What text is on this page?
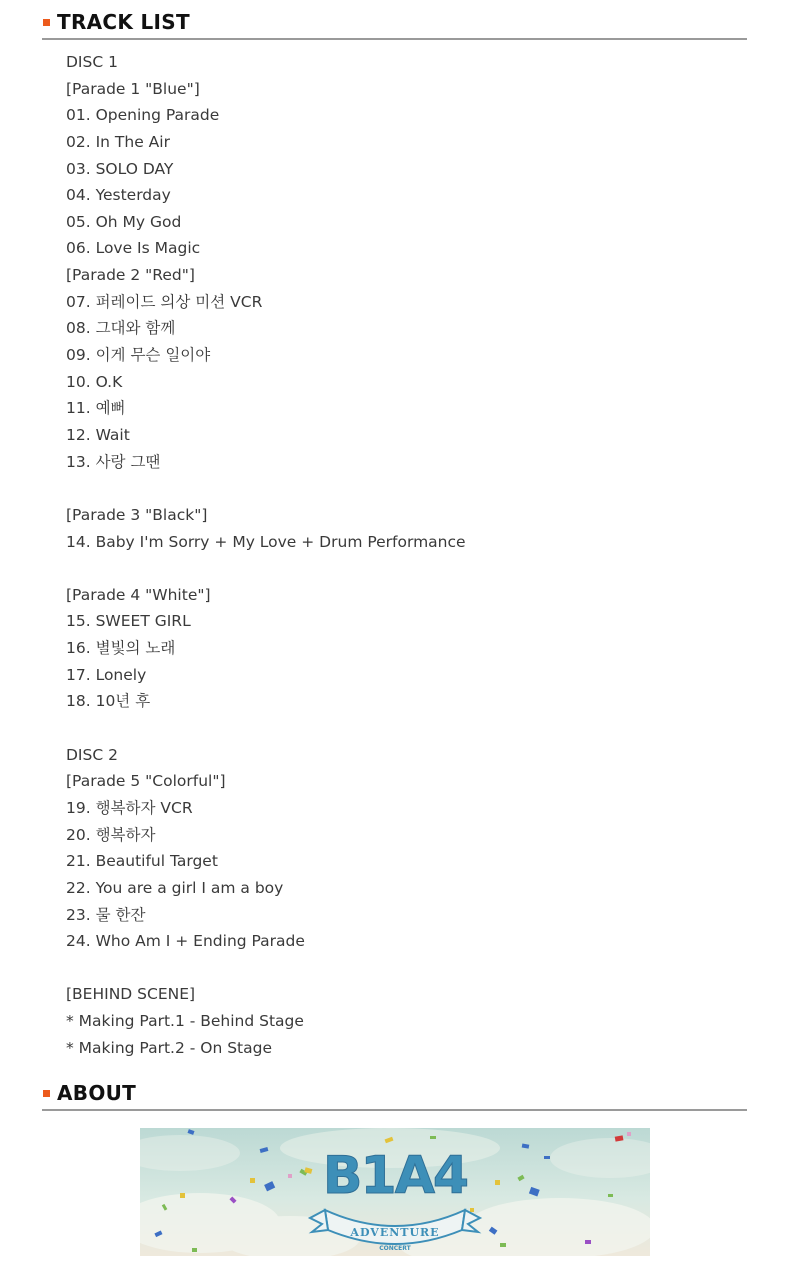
TRACK LIST
DISC 1
[Parade 1 "Blue"]
01. Opening Parade
02. In The Air
03. SOLO DAY
04. Yesterday
05. Oh My God
06. Love Is Magic
[Parade 2 "Red"]
07. 퍼레이드 의상 미션 VCR
08. 그대와 함께
09. 이게 무슨 일이야
10. O.K
11. 예뻐
12. Wait
13. 사랑 그땐

[Parade 3 "Black"]
14. Baby I'm Sorry + My Love + Drum Performance

[Parade 4 "White"]
15. SWEET GIRL
16. 별빛의 노래
17. Lonely
18. 10년 후

DISC 2
[Parade 5 "Colorful"]
19. 행복하자 VCR
20. 행복하자
21. Beautiful Target
22. You are a girl I am a boy
23. 물 한잔
24. Who Am I + Ending Parade

[BEHIND SCENE]
* Making Part.1 - Behind Stage
* Making Part.2 - On Stage
ABOUT
B1A4
ADVENTURE
CONCERT
